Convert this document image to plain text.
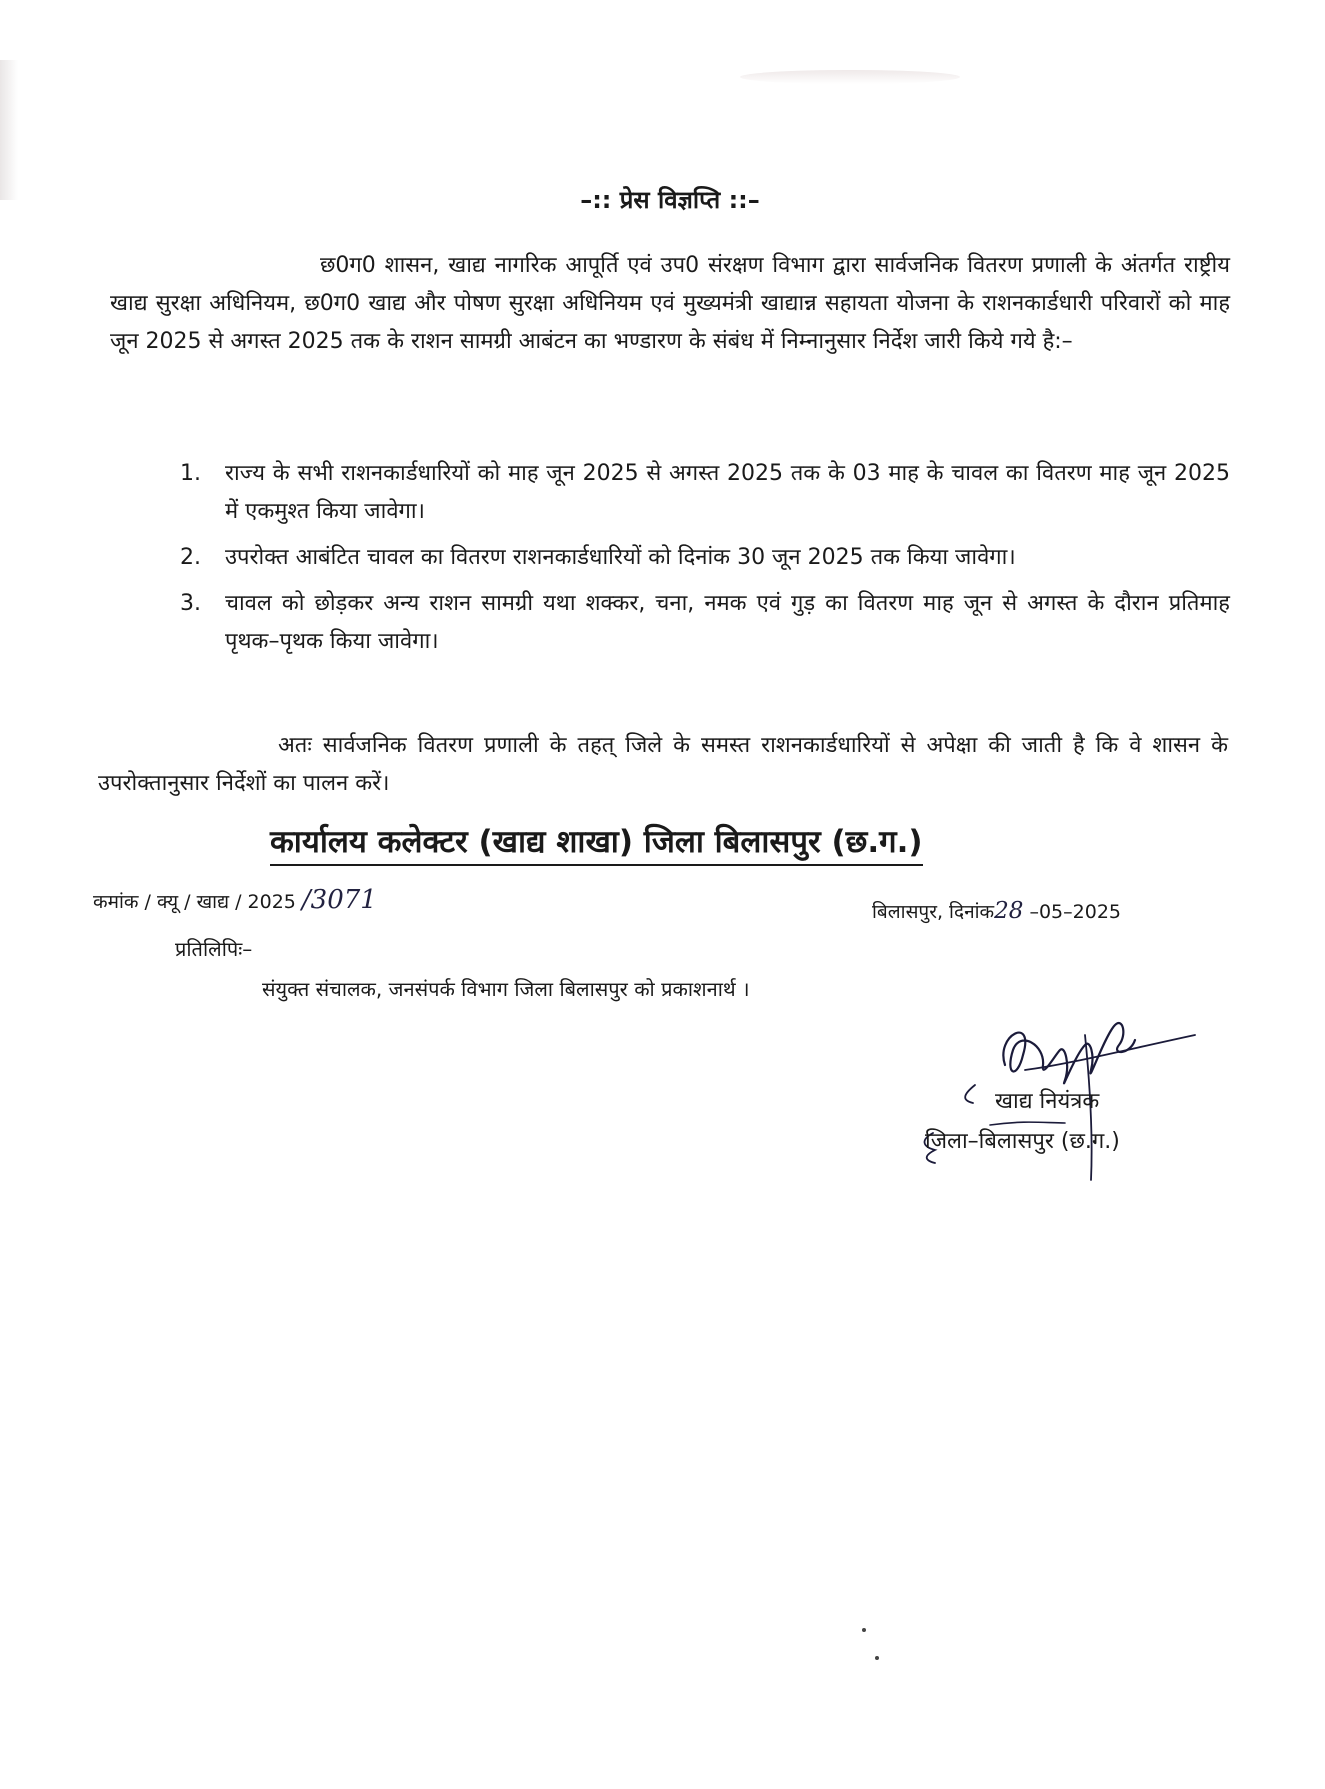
–:: प्रेस विज्ञप्ति ::–
छ0ग0 शासन, खाद्य नागरिक आपूर्ति एवं उप0 संरक्षण विभाग द्वारा सार्वजनिक वितरण प्रणाली के अंतर्गत राष्ट्रीय खाद्य सुरक्षा अधिनियम, छ0ग0 खाद्य और पोषण सुरक्षा अधिनियम एवं मुख्यमंत्री खाद्यान्न सहायता योजना के राशनकार्डधारी परिवारों को माह जून 2025 से अगस्त 2025 तक के राशन सामग्री आबंटन का भण्डारण के संबंध में निम्नानुसार निर्देश जारी किये गये है:–
1. राज्य के सभी राशनकार्डधारियों को माह जून 2025 से अगस्त 2025 तक के 03 माह के चावल का वितरण माह जून 2025 में एकमुश्त किया जावेगा।
2. उपरोक्त आबंटित चावल का वितरण राशनकार्डधारियों को दिनांक 30 जून 2025 तक किया जावेगा।
3. चावल को छोड़कर अन्य राशन सामग्री यथा शक्कर, चना, नमक एवं गुड़ का वितरण माह जून से अगस्त के दौरान प्रतिमाह पृथक–पृथक किया जावेगा।
अतः सार्वजनिक वितरण प्रणाली के तहत् जिले के समस्त राशनकार्डधारियों से अपेक्षा की जाती है कि वे शासन के उपरोक्तानुसार निर्देशों का पालन करें।
कार्यालय कलेक्टर (खाद्य शाखा) जिला बिलासपुर (छ.ग.)
कमांक / क्यू / खाद्य / 2025 /3071	बिलासपुर, दिनांक28 –05–2025
प्रतिलिपिः–
संयुक्त संचालक, जनसंपर्क विभाग जिला बिलासपुर को प्रकाशनार्थ ।
खाद्य नियंत्रक
जिला–बिलासपुर (छ.ग.)
